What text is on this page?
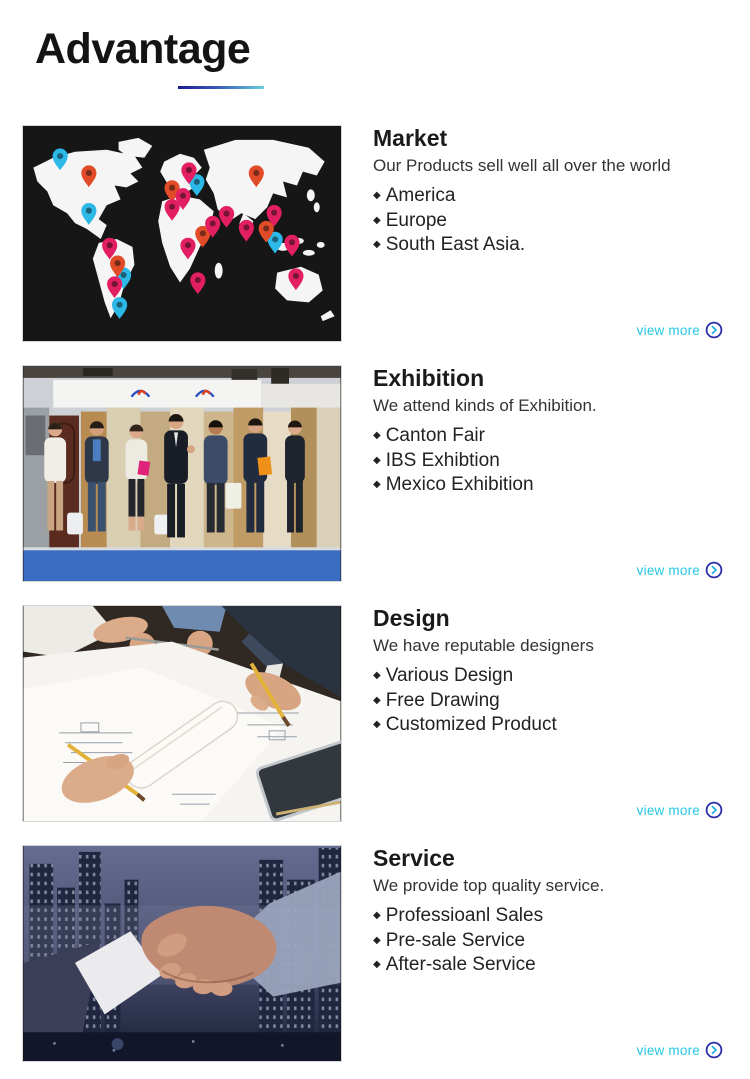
Advantage
Market

Our Products sell well all over the world

◆ America
◆ Europe
◆ South East Asia.
view more
Exhibition

We attend kinds of Exhibition.

◆ Canton Fair
◆ IBS Exhibtion
◆ Mexico Exhibition
view more
Design

We have reputable designers

◆ Various Design
◆ Free Drawing
◆ Customized Product
view more
Service

We provide top quality service.

◆ Professioanl Sales
◆ Pre-sale Service
◆ After-sale Service
view more
